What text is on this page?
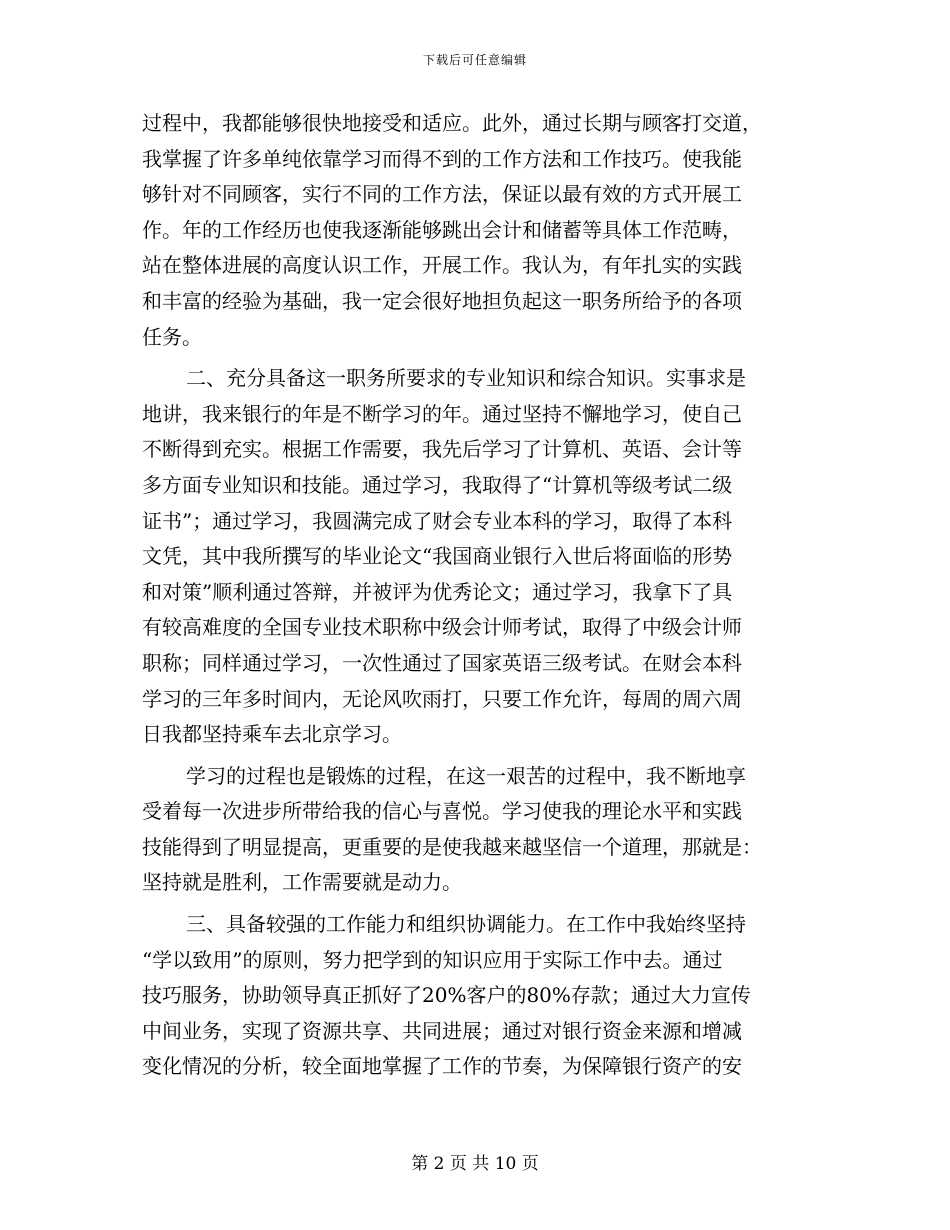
下载后可任意编辑
过程中，我都能够很快地接受和适应。此外，通过长期与顾客打交道，
我掌握了许多单纯依靠学习而得不到的工作方法和工作技巧。使我能
够针对不同顾客，实行不同的工作方法，保证以最有效的方式开展工
作。年的工作经历也使我逐渐能够跳出会计和储蓄等具体工作范畴，
站在整体进展的高度认识工作，开展工作。我认为，有年扎实的实践
和丰富的经验为基础，我一定会很好地担负起这一职务所给予的各项
任务。
二、充分具备这一职务所要求的专业知识和综合知识。实事求是
地讲，我来银行的年是不断学习的年。通过坚持不懈地学习，使自己
不断得到充实。根据工作需要，我先后学习了计算机、英语、会计等
多方面专业知识和技能。通过学习，我取得了“计算机等级考试二级
证书”；通过学习，我圆满完成了财会专业本科的学习，取得了本科
文凭，其中我所撰写的毕业论文“我国商业银行入世后将面临的形势
和对策”顺利通过答辩，并被评为优秀论文；通过学习，我拿下了具
有较高难度的全国专业技术职称中级会计师考试，取得了中级会计师
职称；同样通过学习，一次性通过了国家英语三级考试。在财会本科
学习的三年多时间内，无论风吹雨打，只要工作允许，每周的周六周
日我都坚持乘车去北京学习。
学习的过程也是锻炼的过程，在这一艰苦的过程中，我不断地享
受着每一次进步所带给我的信心与喜悦。学习使我的理论水平和实践
技能得到了明显提高，更重要的是使我越来越坚信一个道理，那就是：
坚持就是胜利，工作需要就是动力。
三、具备较强的工作能力和组织协调能力。在工作中我始终坚持
“学以致用”的原则，努力把学到的知识应用于实际工作中去。通过
技巧服务，协助领导真正抓好了20%客户的80%存款；通过大力宣传
中间业务，实现了资源共享、共同进展；通过对银行资金来源和增减
变化情况的分析，较全面地掌握了工作的节奏，为保障银行资产的安
第 2 页 共 10 页
